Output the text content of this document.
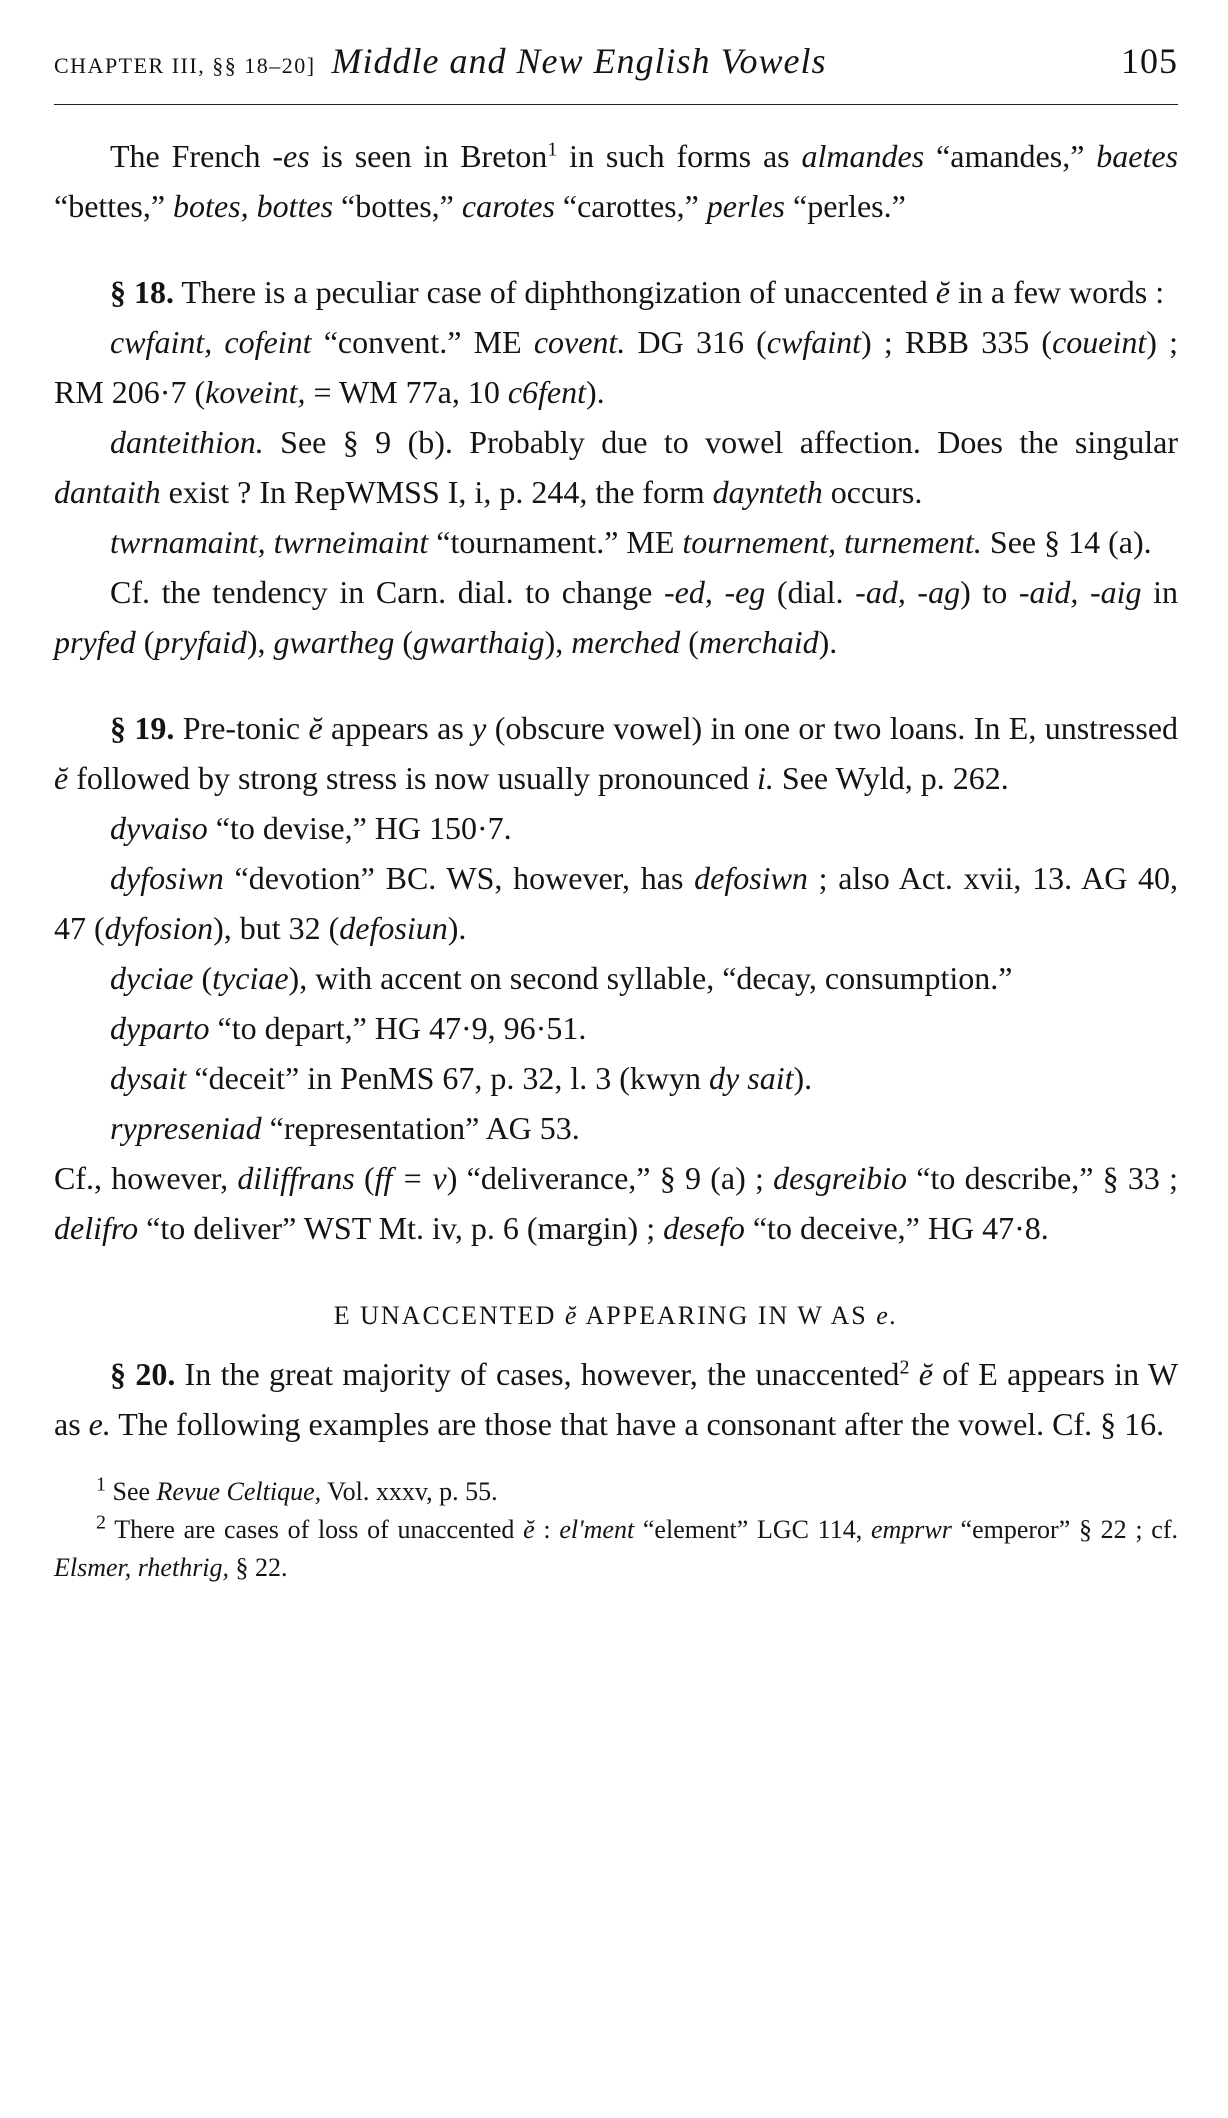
CHAPTER III, §§ 18–20] Middle and New English Vowels	105

The French -es is seen in Breton$^1$ in such forms as almandes “amandes,” baetes “bettes,” botes, bottes “bottes,” carotes “carottes,” perles “perles.”

§ 18. There is a peculiar case of diphthongization of unaccented ĕ in a few words :

cwfaint, cofeint “convent.” ME covent. DG 316 (cwfaint) ; RBB 335 (coueint) ; RM 206·7 (koveint, = WM 77a, 10 c6fent).

danteithion. See § 9 (b). Probably due to vowel affection. Does the singular dantaith exist ? In RepWMSS I, i, p. 244, the form daynteth occurs.

twrnamaint, twrneimaint “tournament.” ME tournement, turnement. See § 14 (a).

Cf. the tendency in Carn. dial. to change -ed, -eg (dial. -ad, -ag) to -aid, -aig in pryfed (pryfaid), gwartheg (gwarthaig), merched (merchaid).

§ 19. Pre-tonic ĕ appears as y (obscure vowel) in one or two loans. In E, unstressed ĕ followed by strong stress is now usually pronounced i. See Wyld, p. 262.

dyvaiso “to devise,” HG 150·7.

dyfosiwn “devotion” BC. WS, however, has defosiwn ; also Act. xvii, 13. AG 40, 47 (dyfosion), but 32 (defosiun).

dyciae (tyciae), with accent on second syllable, “decay, consumption.”

dyparto “to depart,” HG 47·9, 96·51.

dysait “deceit” in PenMS 67, p. 32, l. 3 (kwyn dy sait).

rypreseniad “representation” AG 53.

Cf., however, diliffrans (ff = v) “deliverance,” § 9 (a) ; desgreibio “to describe,” § 33 ; delifro “to deliver” WST Mt. iv, p. 6 (margin) ; desefo “to deceive,” HG 47·8.

E UNACCENTED ĕ APPEARING IN W AS e.

§ 20. In the great majority of cases, however, the unaccented$^2$ ĕ of E appears in W as e. The following examples are those that have a consonant after the vowel. Cf. § 16.

$^1$ See Revue Celtique, Vol. xxxv, p. 55.

$^2$ There are cases of loss of unaccented ĕ : el'ment “element” LGC 114, emprwr “emperor” § 22 ; cf. Elsmer, rhethrig, § 22.
